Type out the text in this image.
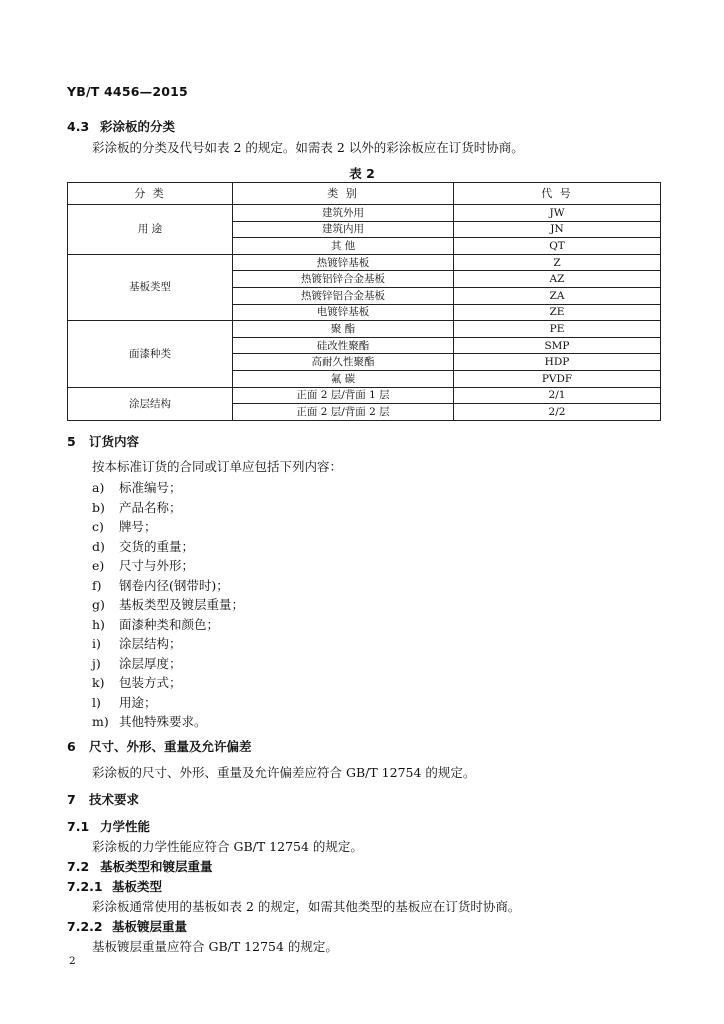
YB/T 4456—2015
4.3 彩涂板的分类
彩涂板的分类及代号如表 2 的规定。如需表 2 以外的彩涂板应在订货时协商。
表 2
分 类	类 别	代 号
用 途	建筑外用	JW
	建筑内用	JN
	其 他	QT
基板类型	热镀锌基板	Z
	热镀铝锌合金基板	AZ
	热镀锌铝合金基板	ZA
	电镀锌基板	ZE
面漆种类	聚 酯	PE
	硅改性聚酯	SMP
	高耐久性聚酯	HDP
	氟 碳	PVDF
涂层结构	正面 2 层/背面 1 层	2/1
	正面 2 层/背面 2 层	2/2
5 订货内容
按本标准订货的合同或订单应包括下列内容：
a) 标准编号；
b) 产品名称；
c) 牌号；
d) 交货的重量；
e) 尺寸与外形；
f) 钢卷内径(钢带时)；
g) 基板类型及镀层重量；
h) 面漆种类和颜色；
i) 涂层结构；
j) 涂层厚度；
k) 包装方式；
l) 用途；
m) 其他特殊要求。
6 尺寸、外形、重量及允许偏差
彩涂板的尺寸、外形、重量及允许偏差应符合 GB/T 12754 的规定。
7 技术要求
7.1 力学性能
彩涂板的力学性能应符合 GB/T 12754 的规定。
7.2 基板类型和镀层重量
7.2.1 基板类型
彩涂板通常使用的基板如表 2 的规定，如需其他类型的基板应在订货时协商。
7.2.2 基板镀层重量
基板镀层重量应符合 GB/T 12754 的规定。
2
